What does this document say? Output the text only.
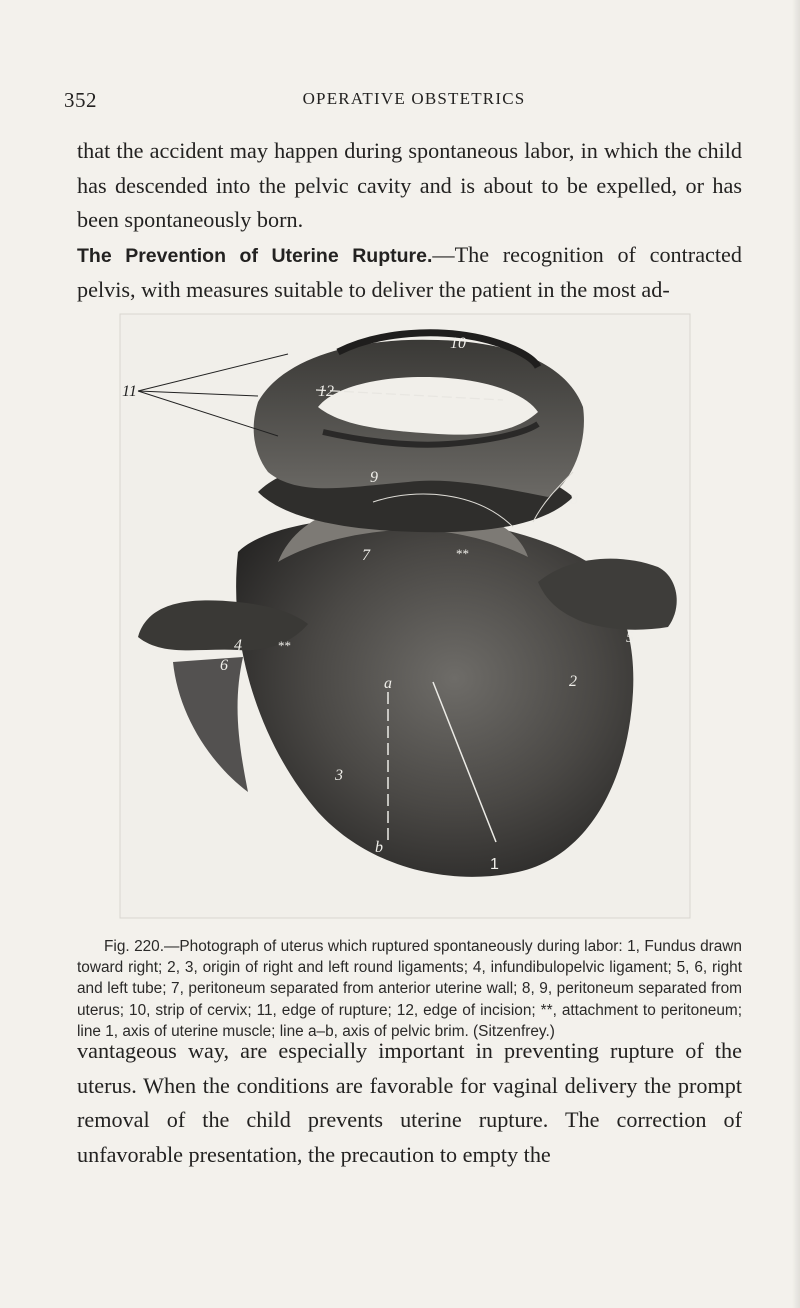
352	OPERATIVE OBSTETRICS

that the accident may happen during spontaneous labor, in which the child has descended into the pelvic cavity and is about to be expelled, or has been spontaneously born.

The Prevention of Uterine Rupture.—The recognition of contracted pelvis, with measures suitable to deliver the patient in the most ad-

10
11	12
9
8
7
4
6
5
2
3
a
b
1
**
**

Fig. 220.—Photograph of uterus which ruptured spontaneously during labor: 1, Fundus drawn toward right; 2, 3, origin of right and left round ligaments; 4, infundibulopelvic ligament; 5, 6, right and left tube; 7, peritoneum separated from anterior uterine wall; 8, 9, peritoneum separated from uterus; 10, strip of cervix; 11, edge of rupture; 12, edge of incision; **, attachment to peritoneum; line 1, axis of uterine muscle; line a–b, axis of pelvic brim. (Sitzenfrey.)

vantageous way, are especially important in preventing rupture of the uterus. When the conditions are favorable for vaginal delivery the prompt removal of the child prevents uterine rupture. The correction of unfavorable presentation, the precaution to empty the
